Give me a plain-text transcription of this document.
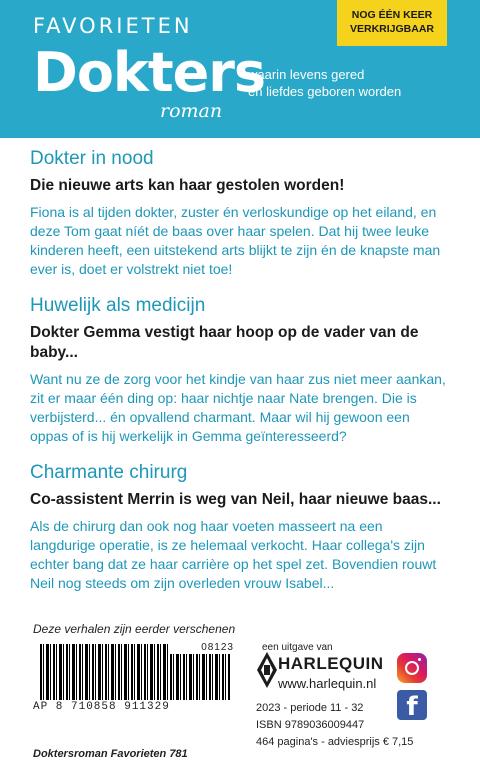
FAVORIETEN
Dokters
roman
waarin levens gered
en liefdes geboren worden
NOG ÉÉN KEER
VERKRIJGBAAR
Dokter in nood
Die nieuwe arts kan haar gestolen worden!
Fiona is al tijden dokter, zuster én verloskundige op het eiland, en deze Tom gaat níét de baas over haar spelen. Dat hij twee leuke kinderen heeft, een uitstekend arts blijkt te zijn én de knapste man ever is, doet er volstrekt niet toe!
Huwelijk als medicijn
Dokter Gemma vestigt haar hoop op de vader van de baby...
Want nu ze de zorg voor het kindje van haar zus niet meer aankan, zit er maar één ding op: haar nichtje naar Nate brengen. Die is verbijsterd... én opvallend charmant. Maar wil hij gewoon een oppas of is hij werkelijk in Gemma geïnteresseerd?
Charmante chirurg
Co-assistent Merrin is weg van Neil, haar nieuwe baas...
Als de chirurg dan ook nog haar voeten masseert na een langdurige operatie, is ze helemaal verkocht. Haar collega's zijn echter bang dat ze haar carrière op het spel zet. Bovendien rouwt Neil nog steeds om zijn overleden vrouw Isabel...
Deze verhalen zijn eerder verschenen
08123
AP 8 710858 911329
Doktersroman Favorieten 781
een uitgave van
HARLEQUIN
www.harlequin.nl
2023 - periode 11 - 32
ISBN 9789036009447
464 pagina's - adviesprijs € 7,15
f
